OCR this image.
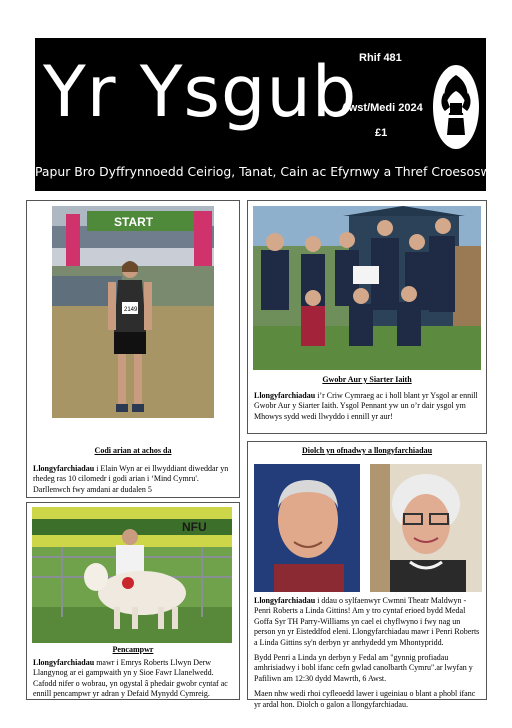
Yr Ysgub Rhif 481
Awst/Medi 2024
£1
Papur Bro Dyffrynnoedd Ceiriog, Tanat, Cain ac Efyrnwy a Thref Croesoswallt
START
2149
Codi arian at achos da
Llongyfarchiadau i Elain Wyn ar ei llwyddiant diweddar yn
rhedeg ras 10 cilomedr i godi arian i ‘Mind Cymru'.
Darllenwch fwy amdani ar dudalen 5
Gwobr Aur y Siarter Iaith
Llongyfarchiadau i’r Criw Cymraeg ac i holl blant yr Ysgol ar ennill
Gwobr Aur y Siarter Iaith. Ysgol Pennant yw un o’r dair ysgol ym
Mhowys sydd wedi llwyddo i ennill yr aur!
NFU
Pencampwr
Llongyfarchiadau mawr i Emrys Roberts Llwyn Derw
Llangynog ar ei gampwaith yn y Sioe Fawr Llanelwedd.
Cafodd nifer o wobrau, yn ogystal â phedair gwobr cyntaf ac
ennill pencampwr yr adran y Defaid Mynydd Cymreig.
Diolch yn ofnadwy a llongyfarchiadau
Llongyfarchiadau i ddau o sylfaenwyr Cwmni Theatr Maldwyn -
Penri Roberts a Linda Gittins! Am y tro cyntaf erioed bydd Medal
Goffa Syr TH Parry-Williams yn cael ei chyflwyno i fwy nag un
person yn yr Eisteddfod eleni. Llongyfarchiadau mawr i Penri Roberts
a Linda Gittins sy'n derbyn yr anrhydedd ym Mhontypridd.
Bydd Penri a Linda yn derbyn y Fedal am "gynnig profiadau
amhrisiadwy i bobl ifanc cefn gwlad canolbarth Cymru".ar lwyfan y
Pafiliwn am 12:30 dydd Mawrth, 6 Awst.
Maen nhw wedi rhoi cyfleoedd lawer i ugeiniau o blant a phobl ifanc
yr ardal hon. Diolch o galon a llongyfarchiadau.
